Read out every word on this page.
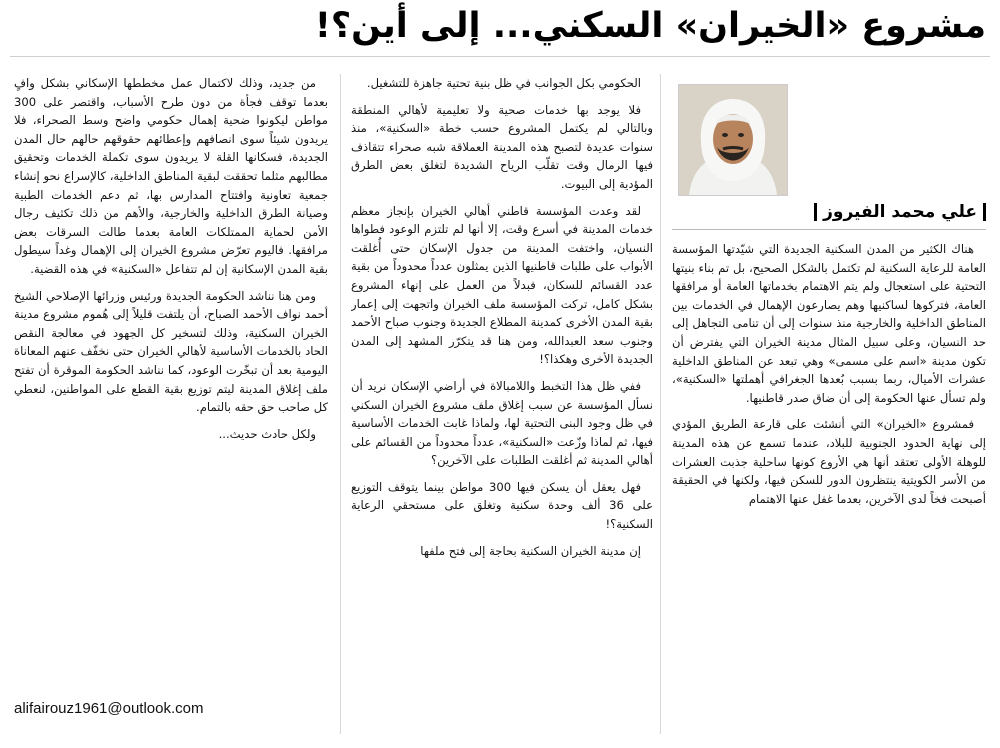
مشروع «الخيران» السكني... إلى أين؟!
علي محمد الفيروز

هناك الكثير من المدن السكنية الجديدة التي شيّدتها المؤسسة العامة للرعاية السكنية لم تكتمل بالشكل الصحيح، بل تم بناء بنيتها التحتية على استعجال ولم يتم الاهتمام بخدماتها العامة أو مرافقها العامة، فتركوها لساكنيها وهم يصارعون الإهمال في الخدمات بين المناطق الداخلية والخارجية منذ سنوات إلى أن تنامى التجاهل إلى حد النسيان، وعلى سبيل المثال مدينة الخيران التي يفترض أن تكون مدينة «اسم على مسمى» وهي تبعد عن المناطق الداخلية عشرات الأميال، ربما بسبب بُعدها الجغرافي أهملتها «السكنية»، ولم تسأل عنها الحكومة إلى أن ضاق صدر قاطنيها.

فمشروع «الخيران» التي أنشئت على قارعة الطريق المؤدي إلى نهاية الحدود الجنوبية للبلاد، عندما تسمع عن هذه المدينة للوهلة الأولى تعتقد أنها هي الأروع كونها ساحلية جذبت العشرات من الأسر الكويتية ينتظرون الدور للسكن فيها، ولكنها في الحقيقة أصبحت فخاً لدى الآخرين، بعدما غفل عنها الاهتمام

الحكومي بكل الجوانب في ظل بنية تحتية جاهزة للتشغيل.

فلا يوجد بها خدمات صحية ولا تعليمية لأهالي المنطقة وبالتالي لم يكتمل المشروع حسب خطة «السكنية»، منذ سنوات عديدة لتصبح هذه المدينة العملاقة شبه صحراء تتقاذف فيها الرمال وقت تقلّب الرياح الشديدة لتغلق بعض الطرق المؤدية إلى البيوت.

لقد وعدت المؤسسة قاطني أهالي الخيران بإنجاز معظم خدمات المدينة في أسرع وقت، إلا أنها لم تلتزم الوعود فطواها النسيان، واختفت المدينة من جدول الإسكان حتى أُغلقت الأبواب على طلبات قاطنيها الذين يمثلون عدداً محدوداً من بقية عدد القسائم للسكان، فبدلاً من العمل على إنهاء المشروع بشكل كامل، تركت المؤسسة ملف الخيران واتجهت إلى إعمار بقية المدن الأخرى كمدينة المطلاع الجديدة وجنوب صباح الأحمد وجنوب سعد العبدالله، ومن هنا قد يتكرّر المشهد إلى المدن الجديدة الأخرى وهكذا؟!

ففي ظل هذا التخبط واللامبالاة في أراضي الإسكان نريد أن نسأل المؤسسة عن سبب إغلاق ملف مشروع الخيران السكني في ظل وجود البنى التحتية لها، ولماذا غابت الخدمات الأساسية فيها، ثم لماذا وزّعت «السكنية»، عدداً محدوداً من القسائم على أهالي المدينة ثم أغلقت الطلبات على الآخرين؟

فهل يعقل أن يسكن فيها 300 مواطن بينما يتوقف التوزيع على 36 ألف وحدة سكنية وتغلق على مستحقي الرعاية السكنية؟!

إن مدينة الخيران السكنية بحاجة إلى فتح ملفها

من جديد، وذلك لاكتمال عمل مخططها الإسكاني بشكل وافٍ بعدما توقف فجأة من دون طرح الأسباب، واقتصر على 300 مواطن ليكونوا ضحية إهمال حكومي واضح وسط الصحراء، فلا يريدون شيئاً سوى انصافهم وإعطائهم حقوقهم حالهم حال المدن الجديدة، فسكانها القلة لا يريدون سوى تكملة الخدمات وتحقيق مطالبهم مثلما تحققت لبقية المناطق الداخلية، كالإسراع نحو إنشاء جمعية تعاونية وافتتاح المدارس بها، ثم دعم الخدمات الطبية وصيانة الطرق الداخلية والخارجية، والأهم من ذلك تكثيف رجال الأمن لحماية الممتلكات العامة بعدما طالت السرقات بعض مرافقها. فاليوم تعرّض مشروع الخيران إلى الإهمال وغداً سيطول بقية المدن الإسكانية إن لم تتفاعل «السكنية» في هذه القضية.

ومن هنا نناشد الحكومة الجديدة ورئيس وزرائها الإصلاحي الشيخ أحمد نواف الأحمد الصباح، أن يلتفت قليلاً إلى هُموم مشروع مدينة الخيران السكنية، وذلك لتسخير كل الجهود في معالجة النقص الحاد بالخدمات الأساسية لأهالي الخيران حتى نخفّف عنهم المعاناة اليومية بعد أن تبخّرت الوعود، كما نناشد الحكومة الموقرة أن تفتح ملف إغلاق المدينة ليتم توزيع بقية القطع على المواطنين، لنعطي كل صاحب حق حقه بالتمام.

ولكل حادث حديث...

alifairouz1961@outlook.com
